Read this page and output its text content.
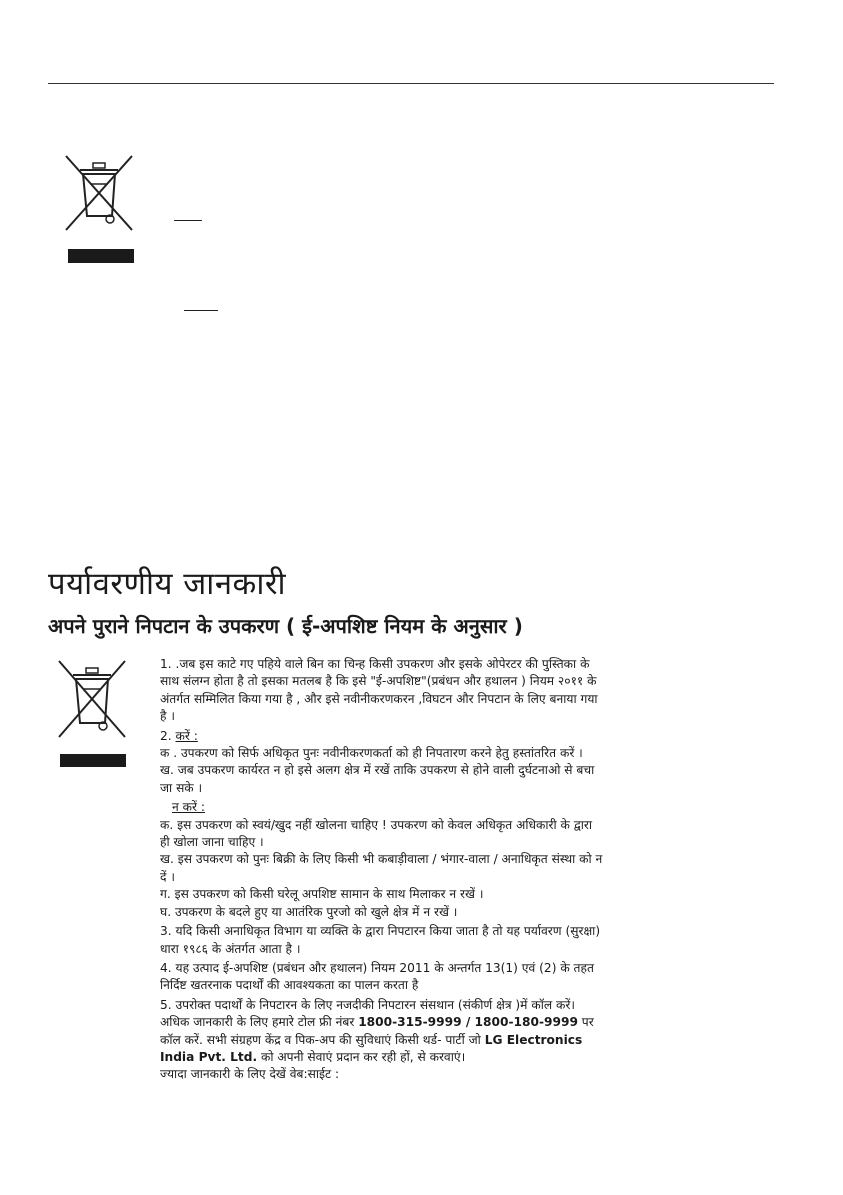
पर्यावरणीय जानकारी
अपने पुराने निपटान के उपकरण ( ई-अपशिष्ट नियम के अनुसार )

1. .जब इस काटे गए पहिये वाले बिन का चिन्ह किसी उपकरण और इसके ओपेरटर की पुस्तिका के साथ संलग्न होता है तो इसका मतलब है कि इसे "ई-अपशिष्ट"(प्रबंधन और हथालन ) नियम २०११ के अंतर्गत सम्मिलित किया गया है , और इसे नवीनीकरणकरन ,विघटन और निपटान के लिए बनाया गया है ।

2. करें :

क . उपकरण को सिर्फ अधिकृत पुनः नवीनीकरणकर्ता को ही निपतारण करने हेतु हस्तांतरित करें ।

ख. जब उपकरण कार्यरत न हो इसे अलग क्षेत्र में रखें ताकि उपकरण से होने वाली दुर्घटनाओ से बचा जा सके ।

न करें :

क. इस उपकरण को स्वयं/खुद नहीं खोलना चाहिए ! उपकरण को केवल अधिकृत अधिकारी के द्वारा ही खोला जाना चाहिए ।

ख. इस उपकरण को पुनः बिक्री के लिए किसी भी कबाड़ीवाला / भंगार-वाला / अनाधिकृत संस्था को न दें ।

ग. इस उपकरण को किसी घरेलू अपशिष्ट सामान के साथ मिलाकर न रखें ।

घ. उपकरण के बदले हुए या आतंरिक पुरजो को खुले क्षेत्र में न रखें ।

3. यदि किसी अनाधिकृत विभाग या व्यक्ति के द्वारा निपटारन किया जाता है तो यह पर्यावरण (सुरक्षा) धारा १९८६ के अंतर्गत आता है ।

4. यह उत्पाद ई-अपशिष्ट (प्रबंधन और हथालन) नियम 2011 के अन्तर्गत 13(1) एवं (2) के तहत निर्दिष्ट खतरनाक पदार्थों की आवश्यकता का पालन करता है

5. उपरोक्त पदार्थों के निपटारन के लिए नजदीकी निपटारन संसथान (संकीर्ण क्षेत्र )में कॉल करें। अधिक जानकारी के लिए हमारे टोल फ्री नंबर 1800-315-9999 / 1800-180-9999 पर कॉल करें. सभी संग्रहण केंद्र व पिक-अप की सुविधाएं किसी थर्ड- पार्टी जो LG Electronics India Pvt. Ltd. को अपनी सेवाएं प्रदान कर रही हों, से करवाएं।

ज्यादा जानकारी के लिए देखें वेब:साईट :
